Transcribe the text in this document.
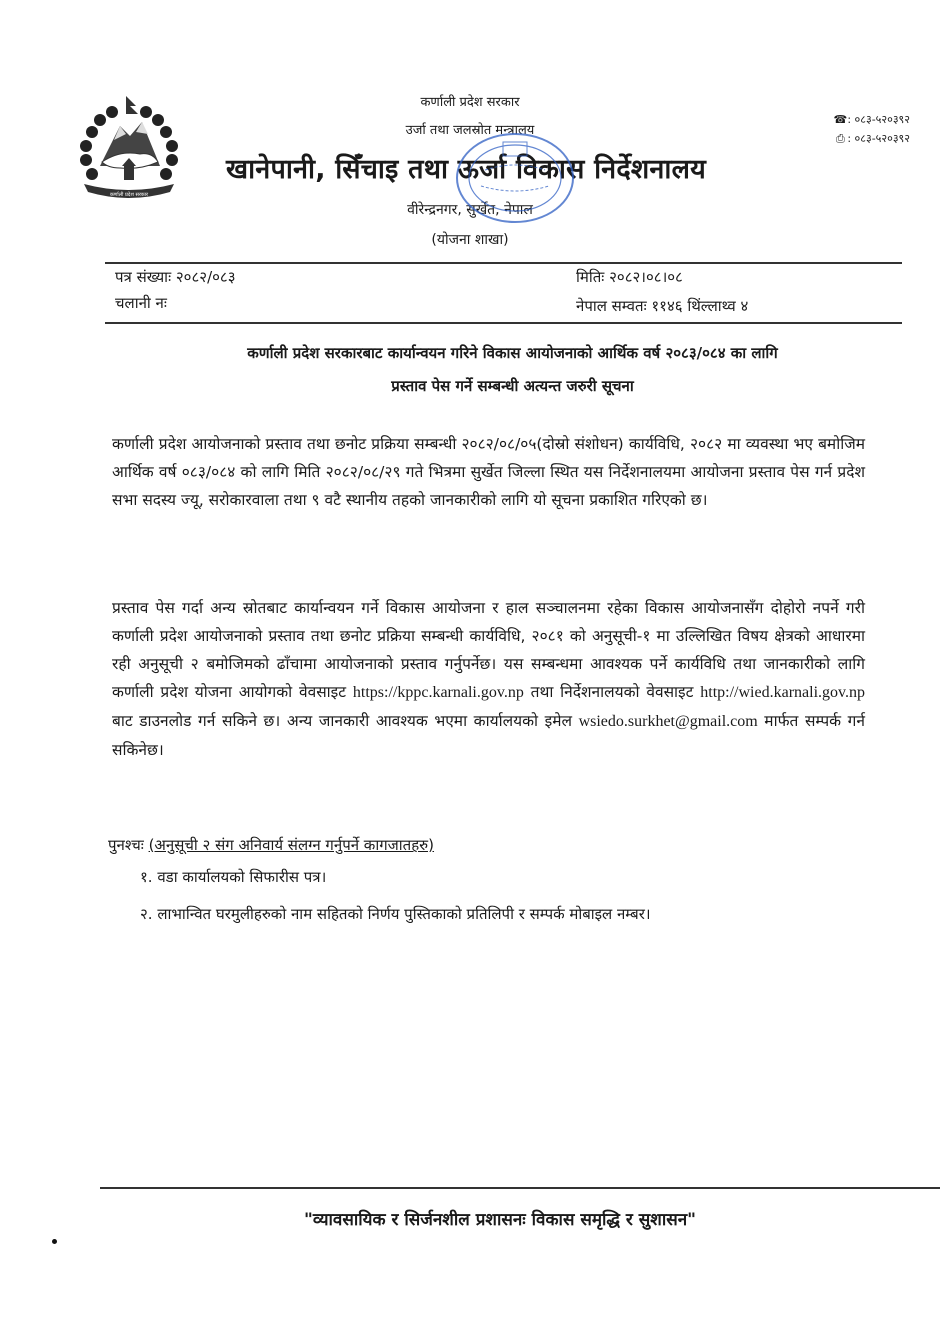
कर्णाली प्रदेश सरकार
कर्णाली प्रदेश सरकार
उर्जा तथा जलस्रोत मन्त्रालय
खानेपानी, सिँचाइ तथा ऊर्जा विकास निर्देशनालय
वीरेन्द्रनगर, सुर्खेत, नेपाल
(योजना शाखा)
☎: ०८३-५२०३९२
⎙ : ०८३-५२०३९२
पत्र संख्याः २०८२/०८३
चलानी नः
मितिः २०८२।०८।०८
नेपाल सम्वतः ११४६ थिंल्लाथ्व ४
कर्णाली प्रदेश सरकारबाट कार्यान्वयन गरिने विकास आयोजनाको आर्थिक वर्ष २०८३/०८४ का लागि
प्रस्ताव पेस गर्ने सम्बन्धी अत्यन्त जरुरी सूचना
कर्णाली प्रदेश आयोजनाको प्रस्ताव तथा छनोट प्रक्रिया सम्बन्धी २०८२/०८/०५(दोस्रो संशोधन) कार्यविधि, २०८२ मा व्यवस्था भए बमोजिम आर्थिक वर्ष ०८३/०८४ को लागि मिति २०८२/०८/२९ गते भित्रमा सुर्खेत जिल्ला स्थित यस निर्देशनालयमा आयोजना प्रस्ताव पेस गर्न प्रदेश सभा सदस्य ज्यू, सरोकारवाला तथा ९ वटै स्थानीय तहको जानकारीको लागि यो सूचना प्रकाशित गरिएको छ।
प्रस्ताव पेस गर्दा अन्य स्रोतबाट कार्यान्वयन गर्ने विकास आयोजना र हाल सञ्चालनमा रहेका विकास आयोजनासँग दोहोरो नपर्ने गरी कर्णाली प्रदेश आयोजनाको प्रस्ताव तथा छनोट प्रक्रिया सम्बन्धी कार्यविधि, २०८१ को अनुसूची-१ मा उल्लिखित विषय क्षेत्रको आधारमा रही अनुसूची २ बमोजिमको ढाँचामा आयोजनाको प्रस्ताव गर्नुपर्नेछ। यस सम्बन्धमा आवश्यक पर्ने कार्यविधि तथा जानकारीको लागि कर्णाली प्रदेश योजना आयोगको वेवसाइट https://kppc.karnali.gov.np तथा निर्देशनालयको वेवसाइट http://wied.karnali.gov.np बाट डाउनलोड गर्न सकिने छ। अन्य जानकारी आवश्यक भएमा कार्यालयको इमेल wsiedo.surkhet@gmail.com मार्फत सम्पर्क गर्न सकिनेछ।
पुनश्चः (अनुसूची २ संग अनिवार्य संलग्न गर्नुपर्ने कागजातहरु)
१. वडा कार्यालयको सिफारीस पत्र।
२. लाभान्वित घरमुलीहरुको नाम सहितको निर्णय पुस्तिकाको प्रतिलिपी र सम्पर्क मोबाइल नम्बर।
"व्यावसायिक र सिर्जनशील प्रशासनः विकास समृद्धि र सुशासन"
